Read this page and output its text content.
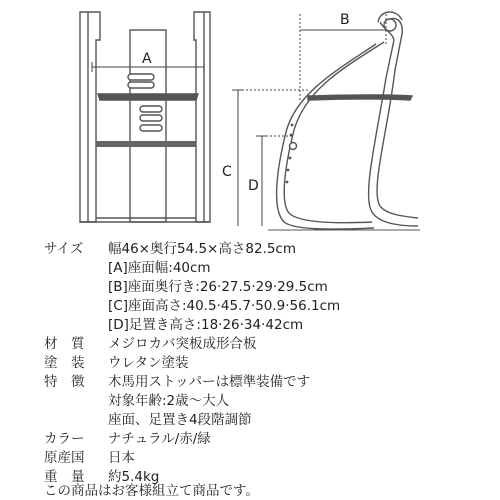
A
B
C
D
サイズ 幅46×奥行54.5×高さ82.5cm
[A]座面幅:40cm
[B]座面奥行き:26·27.5·29·29.5cm
[C]座面高さ:40.5·45.7·50.9·56.1cm
[D]足置き高さ:18·26·34·42cm
材　質 メジロカバ突板成形合板
塗　装 ウレタン塗装
特　徴 木馬用ストッパーは標準装備です
対象年齢:2歳～大人
座面、足置き4段階調節
カラー ナチュラル/赤/緑
原産国 日本
重　量 約5.4kg
この商品はお客様組立て商品です。
